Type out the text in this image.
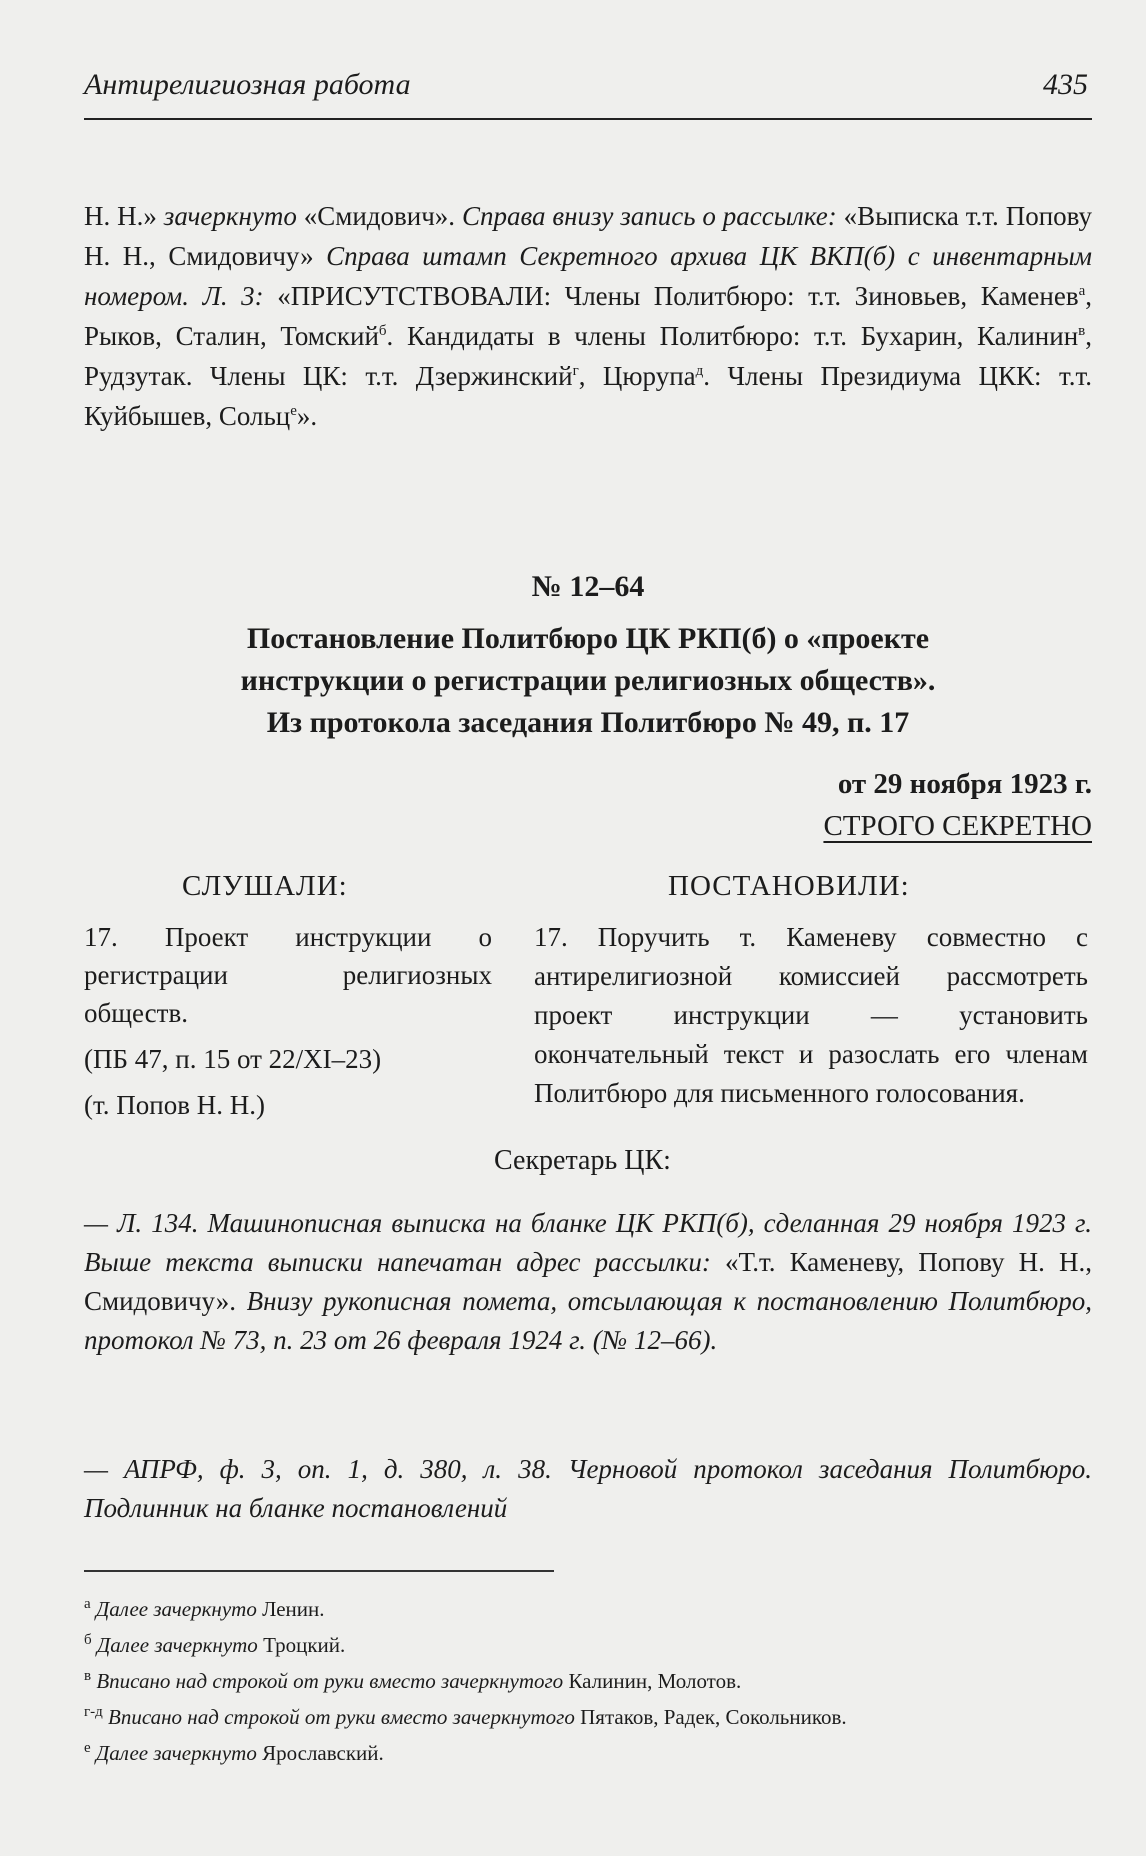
Антирелигиозная работа	435

Н. Н.» зачеркнуто «Смидович». Справа внизу запись о рассылке: «Выписка т.т. Попову Н. Н., Смидовичу» Справа штамп Секретного архива ЦК ВКП(б) с инвентарным номером. Л. 3: «ПРИСУТСТВОВАЛИ: Члены Политбюро: т.т. Зиновьев, Каменев$^а$, Рыков, Сталин, Томский$^б$. Кандидаты в члены Политбюро: т.т. Бухарин, Калинин$^в$, Рудзутак. Члены ЦК: т.т. Дзержинский$^г$, Цюрупа$^д$. Члены Президиума ЦКК: т.т. Куйбышев, Сольц$^е$».

№ 12–64
Постановление Политбюро ЦК РКП(б) о «проекте
инструкции о регистрации религиозных обществ».
Из протокола заседания Политбюро № 49, п. 17
от 29 ноября 1923 г.
СТРОГО СЕКРЕТНО
СЛУШАЛИ:	ПОСТАНОВИЛИ:

17. Проект инструкции о регистрации религиозных обществ.

(ПБ 47, п. 15 от 22/XI–23)

(т. Попов Н. Н.)

17. Поручить т. Каменеву совместно с антирелигиозной комиссией рассмотреть проект инструкции — установить окончательный текст и разослать его членам Политбюро для письменного голосования.

Секретарь ЦК:

— Л. 134. Машинописная выписка на бланке ЦК РКП(б), сделанная 29 ноября 1923 г. Выше текста выписки напечатан адрес рассылки: «Т.т. Каменеву, Попову Н. Н., Смидовичу». Внизу рукописная помета, отсылающая к постановлению Политбюро, протокол № 73, п. 23 от 26 февраля 1924 г. (№ 12–66).

— АПРФ, ф. 3, оп. 1, д. 380, л. 38. Черновой протокол заседания Политбюро. Подлинник на бланке постановлений

$^а$ Далее зачеркнуто Ленин.
$^б$ Далее зачеркнуто Троцкий.
$^в$ Вписано над строкой от руки вместо зачеркнутого Калинин, Молотов.
$^{г-д}$ Вписано над строкой от руки вместо зачеркнутого Пятаков, Радек, Сокольников.
$^е$ Далее зачеркнуто Ярославский.
